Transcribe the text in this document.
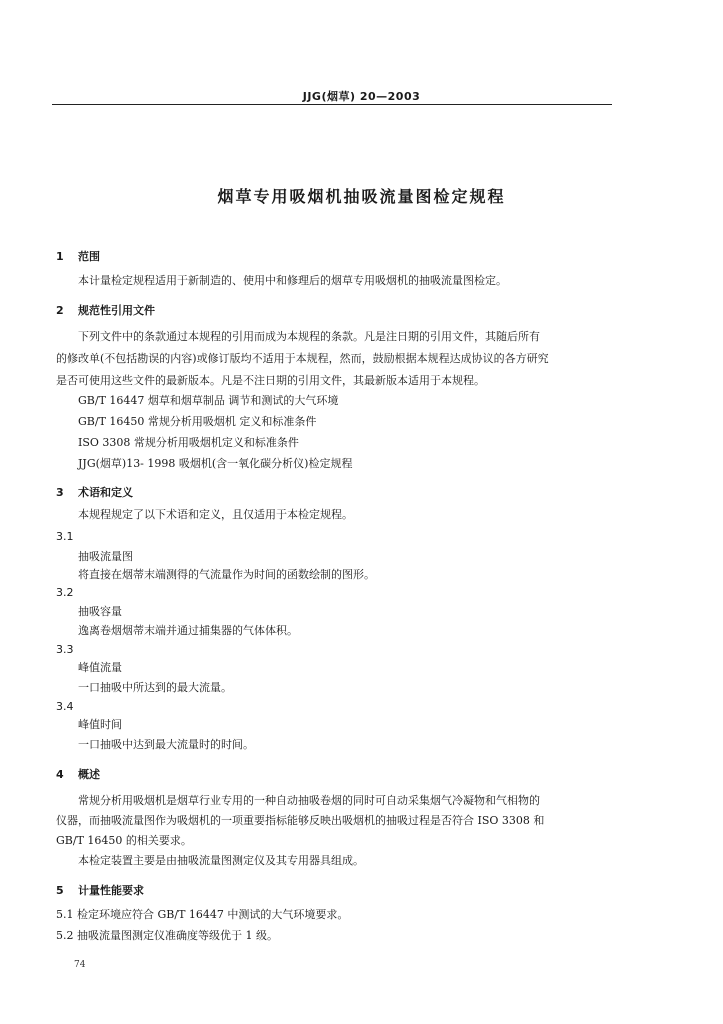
JJG(烟草) 20—2003
烟草专用吸烟机抽吸流量图检定规程
1 范围
本计量检定规程适用于新制造的、使用中和修理后的烟草专用吸烟机的抽吸流量图检定。
2 规范性引用文件
下列文件中的条款通过本规程的引用而成为本规程的条款。凡是注日期的引用文件，其随后所有
的修改单(不包括勘误的内容)或修订版均不适用于本规程，然而，鼓励根据本规程达成协议的各方研究
是否可使用这些文件的最新版本。凡是不注日期的引用文件，其最新版本适用于本规程。
GB/T 16447 烟草和烟草制品 调节和测试的大气环境
GB/T 16450 常规分析用吸烟机 定义和标准条件
ISO 3308 常规分析用吸烟机定义和标准条件
JJG(烟草)13- 1998 吸烟机(含一氧化碳分析仪)检定规程
3 术语和定义
本规程规定了以下术语和定义，且仅适用于本检定规程。
3.1
抽吸流量图
将直接在烟蒂末端测得的气流量作为时间的函数绘制的图形。
3.2
抽吸容量
逸离卷烟烟蒂末端并通过捕集器的气体体积。
3.3
峰值流量
一口抽吸中所达到的最大流量。
3.4
峰值时间
一口抽吸中达到最大流量时的时间。
4 概述
常规分析用吸烟机是烟草行业专用的一种自动抽吸卷烟的同时可自动采集烟气冷凝物和气相物的
仪器，而抽吸流量图作为吸烟机的一项重要指标能够反映出吸烟机的抽吸过程是否符合 ISO 3308 和
GB/T 16450 的相关要求。
本检定装置主要是由抽吸流量图测定仪及其专用器具组成。
5 计量性能要求
5.1 检定环境应符合 GB/T 16447 中测试的大气环境要求。
5.2 抽吸流量图测定仪准确度等级优于 1 级。
74
